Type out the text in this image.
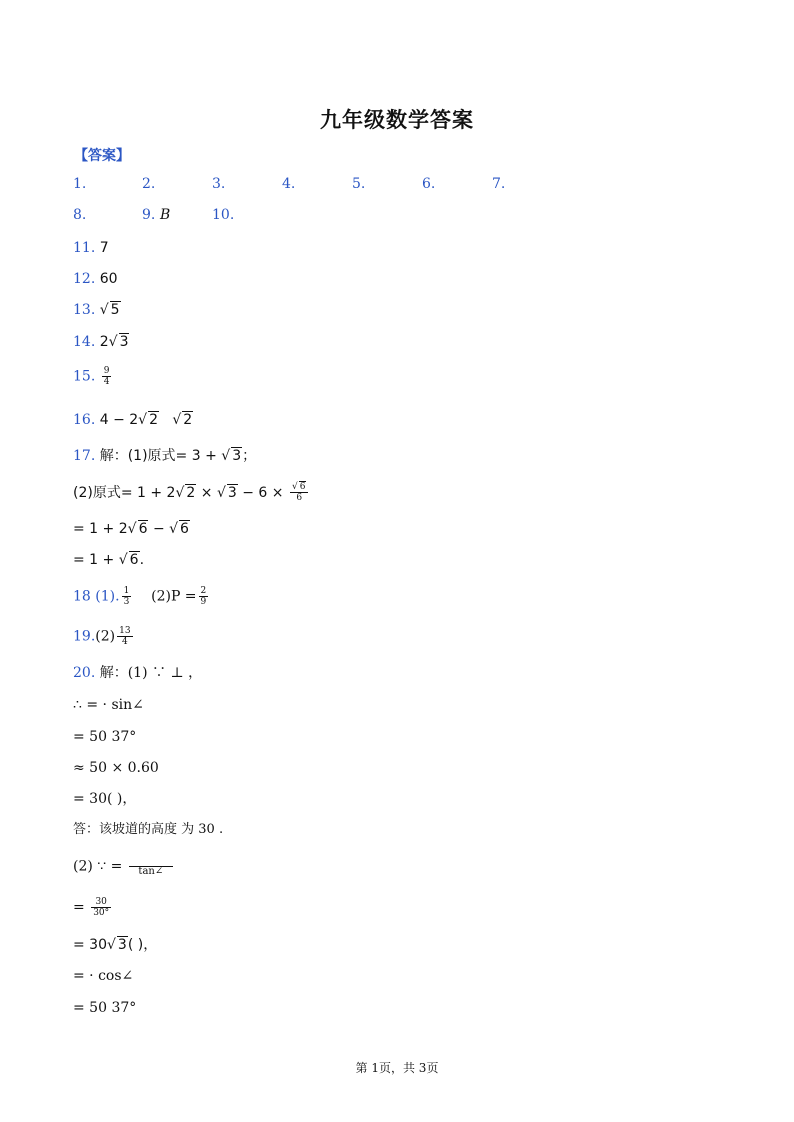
九年级数学答案
【答案】
1.	2.	3.	4.	5.	6.	7.
8.	9. B	10.
11. 7
12. 60
13. √ 5
14. 2√ 3
15. $\frac{9}{4}$
16. 4 − 2√ 2   √ 2
17. 解：(1)原式= 3 + √ 3；
(2)原式= 1 + 2√ 2 × √ $3 - 6 \times \frac{√ 6}{6}$
= 1 + 2√ 6 − √ 6
= 1 + √ 6.
18 (1). $\frac{1}{3} (2)P = \frac{2}{9}$
$19.(2) \frac{13}{4}$
20. 解：(1) ∵ ⊥ ，
∴ = · sin∠
= 50 37°
≈ 50 × 0.60
= 30( )，
答：该坡道的高度 为 30 .
(2) ∵ =
	tan∠
= $\frac{30}{30^\circ}$
= 30√ 3( )，
= · cos∠
= 50 37°
第 1页，共 3页
